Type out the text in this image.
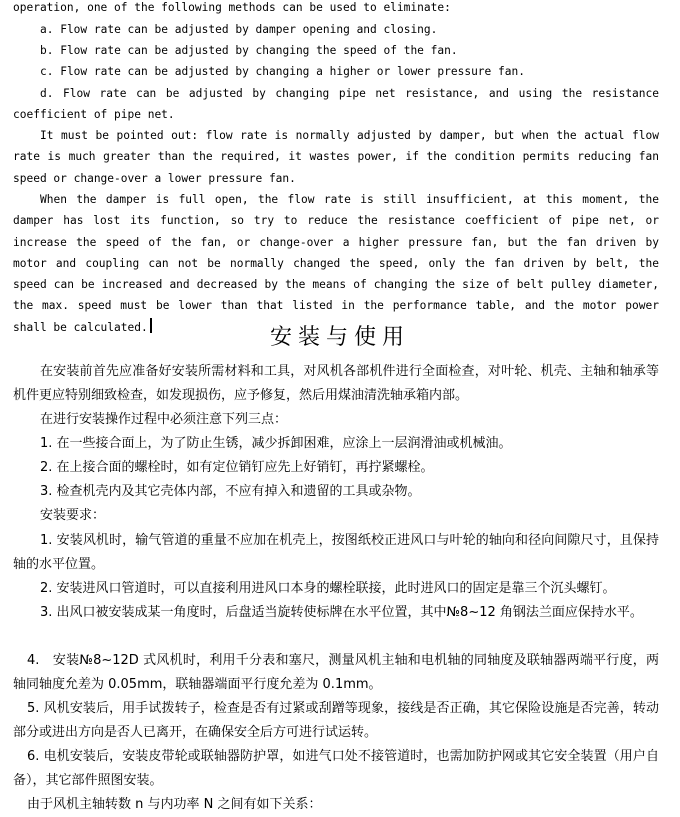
operation, one of the following methods can be used to eliminate:
a. Flow rate can be adjusted by damper opening and closing.
b. Flow rate can be adjusted by changing the speed of the fan.
c. Flow rate can be adjusted by changing a higher or lower pressure fan.
d. Flow rate can be adjusted by changing pipe net resistance, and using the resistance coefficient of pipe net.
It must be pointed out: flow rate is normally adjusted by damper, but when the actual flow rate is much greater than the required, it wastes power, if the condition permits reducing fan speed or change-over a lower pressure fan.
When the damper is full open, the flow rate is still insufficient, at this moment, the damper has lost its function, so try to reduce the resistance coefficient of pipe net, or increase the speed of the fan, or change-over a higher pressure fan, but the fan driven by motor and coupling can not be normally changed the speed, only the fan driven by belt, the speed can be increased and decreased by the means of changing the size of belt pulley diameter, the max. speed must be lower than that listed in the performance table, and the motor power shall be calculated.	安装与使用
在安装前首先应准备好安装所需材料和工具，对风机各部机件进行全面检查，对叶轮、机壳、主轴和轴承等机件更应特别细致检查，如发现损伤，应予修复，然后用煤油清洗轴承箱内部。
在进行安装操作过程中必须注意下列三点：
1. 在一些接合面上，为了防止生锈，减少拆卸困难，应涂上一层润滑油或机械油。
2. 在上接合面的螺栓时，如有定位销钉应先上好销钉，再拧紧螺栓。
3. 检查机壳内及其它壳体内部，不应有掉入和遗留的工具或杂物。
安装要求：
1. 安装风机时，输气管道的重量不应加在机壳上，按图纸校正进风口与叶轮的轴向和径向间隙尺寸，且保持轴的水平位置。
2. 安装进风口管道时，可以直接利用进风口本身的螺栓联接，此时进风口的固定是靠三个沉头螺钉。
3. 出风口被安装成某一角度时，后盘适当旋转使标牌在水平位置，其中№8~12 角钢法兰面应保持水平。
4.　安装№8~12D 式风机时，利用千分表和塞尺，测量风机主轴和电机轴的同轴度及联轴器两端平行度，两轴同轴度允差为 0.05mm，联轴器端面平行度允差为 0.1mm。
5. 风机安装后，用手试拨转子，检查是否有过紧或刮蹭等现象，接线是否正确，其它保险设施是否完善，转动部分或进出方向是否人已离开，在确保安全后方可进行试运转。
6. 电机安装后，安装皮带轮或联轴器防护罩，如进气口处不接管道时，也需加防护网或其它安全装置（用户自备），其它部件照图安装。
由于风机主轴转数 n 与内功率 N 之间有如下关系：
